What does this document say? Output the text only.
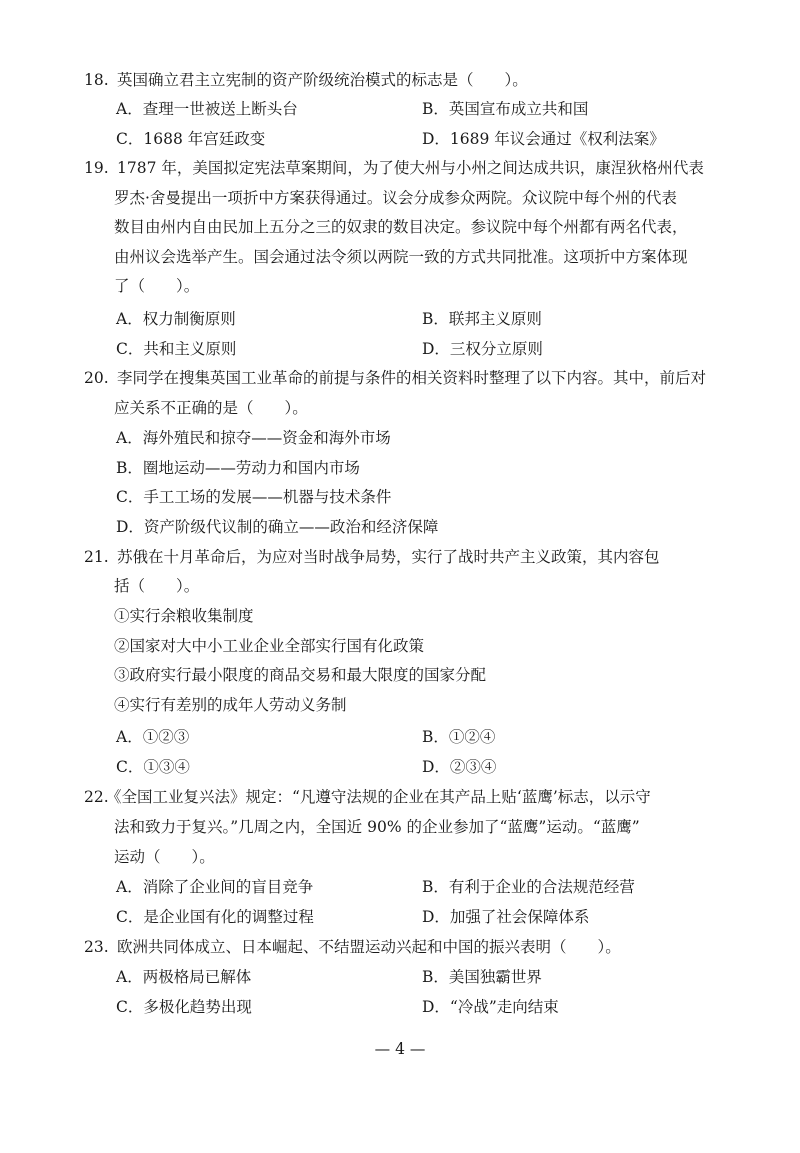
18. 英国确立君主立宪制的资产阶级统治模式的标志是（　　）。
A．查理一世被送上断头台	B．英国宣布成立共和国
C．1688 年宫廷政变	D．1689 年议会通过《权利法案》
19. 1787 年，美国拟定宪法草案期间，为了使大州与小州之间达成共识，康涅狄格州代表
罗杰·舍曼提出一项折中方案获得通过。议会分成参众两院。众议院中每个州的代表
数目由州内自由民加上五分之三的奴隶的数目决定。参议院中每个州都有两名代表，
由州议会选举产生。国会通过法令须以两院一致的方式共同批准。这项折中方案体现
了（　　）。
A．权力制衡原则	B．联邦主义原则
C．共和主义原则	D．三权分立原则
20. 李同学在搜集英国工业革命的前提与条件的相关资料时整理了以下内容。其中，前后对
应关系不正确的是（　　）。
A．海外殖民和掠夺——资金和海外市场
B．圈地运动——劳动力和国内市场
C．手工工场的发展——机器与技术条件
D．资产阶级代议制的确立——政治和经济保障
21. 苏俄在十月革命后，为应对当时战争局势，实行了战时共产主义政策，其内容包
括（　　）。
①实行余粮收集制度
②国家对大中小工业企业全部实行国有化政策
③政府实行最小限度的商品交易和最大限度的国家分配
④实行有差别的成年人劳动义务制
A．①②③	B．①②④
C．①③④	D．②③④
22.
《全国工业复兴法》规定：“凡遵守法规的企业在其产品上贴‘蓝鹰’标志，以示守
法和致力于复兴。”几周之内，全国近 90% 的企业参加了“蓝鹰”运动。“蓝鹰”
运动（　　）。
A．消除了企业间的盲目竞争	B．有利于企业的合法规范经营
C．是企业国有化的调整过程	D．加强了社会保障体系
23. 欧洲共同体成立、日本崛起、不结盟运动兴起和中国的振兴表明（　　）。
A．两极格局已解体	B．美国独霸世界
C．多极化趋势出现	D．“冷战”走向结束
— 4 —
